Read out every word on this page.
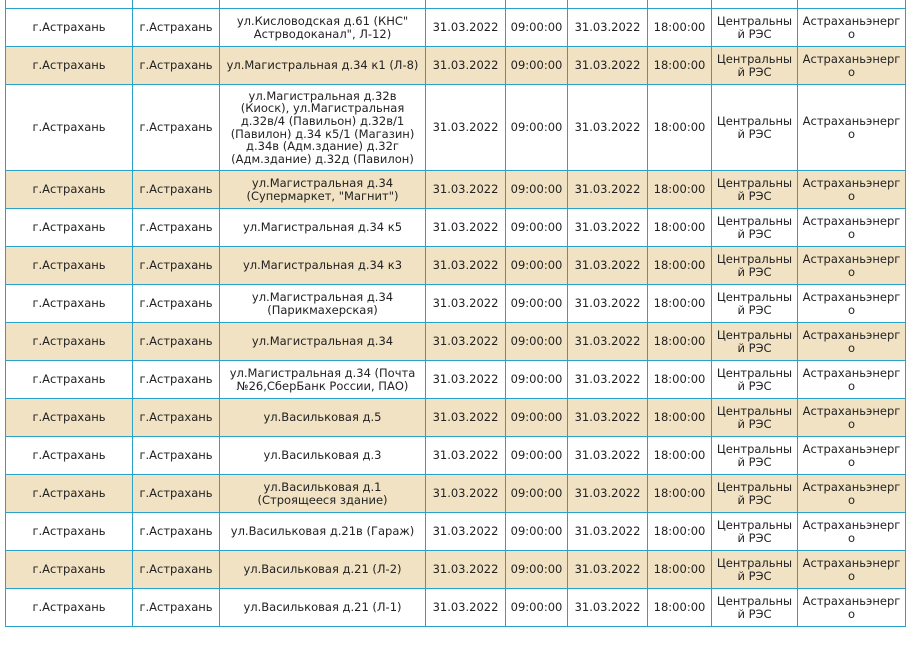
г.Астрахань	г.Астрахань	ул.Кисловодская д.61 (КНС" Астрводоканал", Л-12)	31.03.2022	09:00:00	31.03.2022	18:00:00	Центральный РЭС	Астраханьэнерго
г.Астрахань	г.Астрахань	ул.Магистральная д.34 к1 (Л-8)	31.03.2022	09:00:00	31.03.2022	18:00:00	Центральный РЭС	Астраханьэнерго
г.Астрахань	г.Астрахань	ул.Магистральная д.32в (Киоск), ул.Магистральная д.32в/4 (Павильон) д.32в/1 (Павилон) д.34 к5/1 (Магазин) д.34в (Адм.здание) д.32г (Адм.здание) д.32д (Павилон)	31.03.2022	09:00:00	31.03.2022	18:00:00	Центральный РЭС	Астраханьэнерго
г.Астрахань	г.Астрахань	ул.Магистральная д.34 (Супермаркет, "Магнит")	31.03.2022	09:00:00	31.03.2022	18:00:00	Центральный РЭС	Астраханьэнерго
г.Астрахань	г.Астрахань	ул.Магистральная д.34 к5	31.03.2022	09:00:00	31.03.2022	18:00:00	Центральный РЭС	Астраханьэнерго
г.Астрахань	г.Астрахань	ул.Магистральная д.34 к3	31.03.2022	09:00:00	31.03.2022	18:00:00	Центральный РЭС	Астраханьэнерго
г.Астрахань	г.Астрахань	ул.Магистральная д.34 (Парикмахерская)	31.03.2022	09:00:00	31.03.2022	18:00:00	Центральный РЭС	Астраханьэнерго
г.Астрахань	г.Астрахань	ул.Магистральная д.34	31.03.2022	09:00:00	31.03.2022	18:00:00	Центральный РЭС	Астраханьэнерго
г.Астрахань	г.Астрахань	ул.Магистральная д.34 (Почта №26,СберБанк России, ПАО)	31.03.2022	09:00:00	31.03.2022	18:00:00	Центральный РЭС	Астраханьэнерго
г.Астрахань	г.Астрахань	ул.Васильковая д.5	31.03.2022	09:00:00	31.03.2022	18:00:00	Центральный РЭС	Астраханьэнерго
г.Астрахань	г.Астрахань	ул.Васильковая д.3	31.03.2022	09:00:00	31.03.2022	18:00:00	Центральный РЭС	Астраханьэнерго
г.Астрахань	г.Астрахань	ул.Васильковая д.1 (Строящееся здание)	31.03.2022	09:00:00	31.03.2022	18:00:00	Центральный РЭС	Астраханьэнерго
г.Астрахань	г.Астрахань	ул.Васильковая д.21в (Гараж)	31.03.2022	09:00:00	31.03.2022	18:00:00	Центральный РЭС	Астраханьэнерго
г.Астрахань	г.Астрахань	ул.Васильковая д.21 (Л-2)	31.03.2022	09:00:00	31.03.2022	18:00:00	Центральный РЭС	Астраханьэнерго
г.Астрахань	г.Астрахань	ул.Васильковая д.21 (Л-1)	31.03.2022	09:00:00	31.03.2022	18:00:00	Центральный РЭС	Астраханьэнерго
